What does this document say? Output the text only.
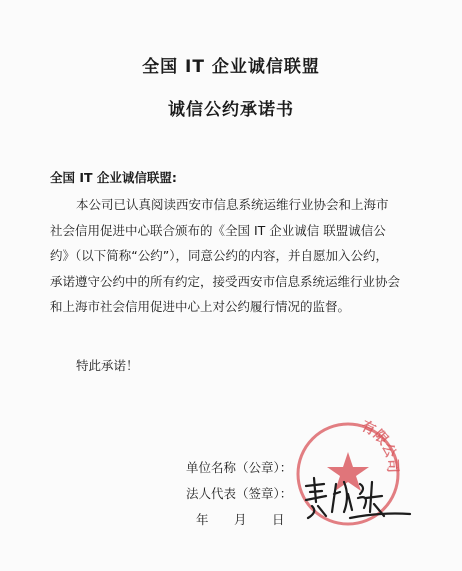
全国 IT 企业诚信联盟
诚信公约承诺书
全国 IT 企业诚信联盟:
本公司已认真阅读西安市信息系统运维行业协会和上海市
社会信用促进中心联合颁布的《全国 IT 企业诚信 联盟诚信公
约》（以下简称“公约”），同意公约的内容，并自愿加入公约，
承诺遵守公约中的所有约定，接受西安市信息系统运维行业协会
和上海市社会信用促进中心上对公约履行情况的监督。
特此承诺！
有限公司
单位名称（公章）：
法人代表（签章）：
年 月 日
